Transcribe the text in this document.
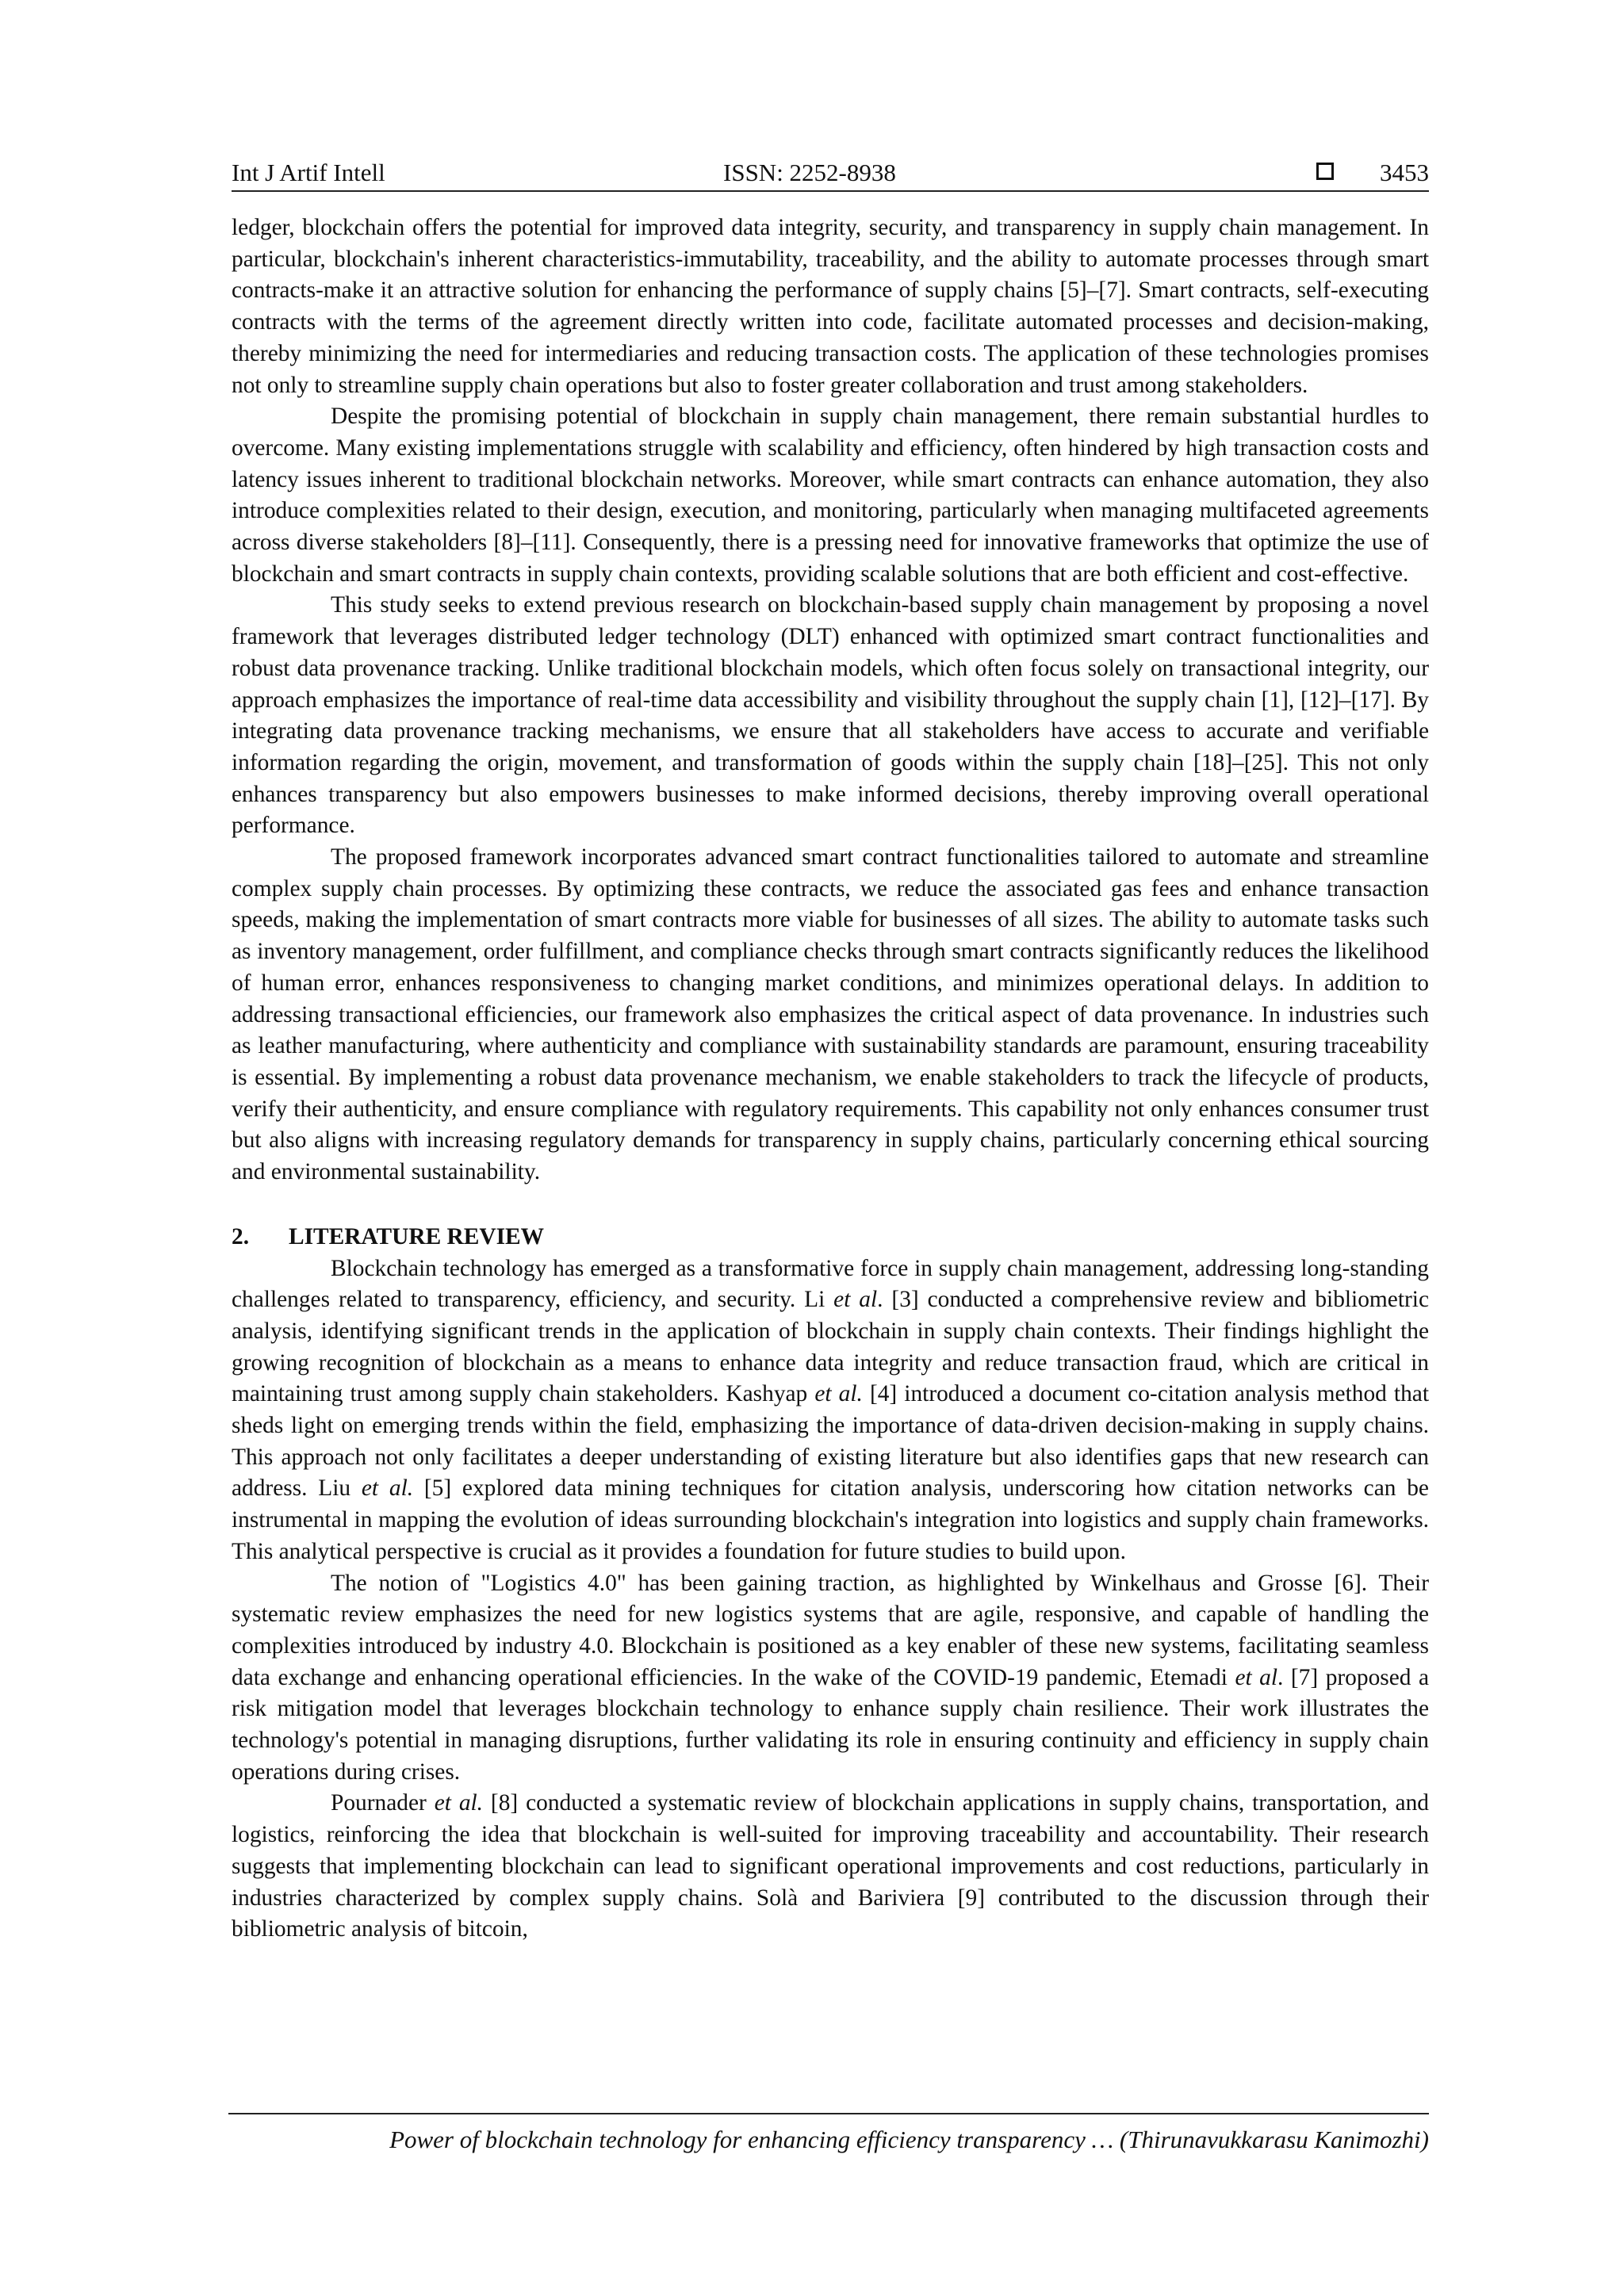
Int J Artif Intell	ISSN: 2252-8938	3453

ledger, blockchain offers the potential for improved data integrity, security, and transparency in supply chain management. In particular, blockchain's inherent characteristics-immutability, traceability, and the ability to automate processes through smart contracts-make it an attractive solution for enhancing the performance of supply chains [5]–[7]. Smart contracts, self-executing contracts with the terms of the agreement directly written into code, facilitate automated processes and decision-making, thereby minimizing the need for intermediaries and reducing transaction costs. The application of these technologies promises not only to streamline supply chain operations but also to foster greater collaboration and trust among stakeholders.

Despite the promising potential of blockchain in supply chain management, there remain substantial hurdles to overcome. Many existing implementations struggle with scalability and efficiency, often hindered by high transaction costs and latency issues inherent to traditional blockchain networks. Moreover, while smart contracts can enhance automation, they also introduce complexities related to their design, execution, and monitoring, particularly when managing multifaceted agreements across diverse stakeholders [8]–[11]. Consequently, there is a pressing need for innovative frameworks that optimize the use of blockchain and smart contracts in supply chain contexts, providing scalable solutions that are both efficient and cost-effective.

This study seeks to extend previous research on blockchain-based supply chain management by proposing a novel framework that leverages distributed ledger technology (DLT) enhanced with optimized smart contract functionalities and robust data provenance tracking. Unlike traditional blockchain models, which often focus solely on transactional integrity, our approach emphasizes the importance of real-time data accessibility and visibility throughout the supply chain [1], [12]–[17]. By integrating data provenance tracking mechanisms, we ensure that all stakeholders have access to accurate and verifiable information regarding the origin, movement, and transformation of goods within the supply chain [18]–[25]. This not only enhances transparency but also empowers businesses to make informed decisions, thereby improving overall operational performance.

The proposed framework incorporates advanced smart contract functionalities tailored to automate and streamline complex supply chain processes. By optimizing these contracts, we reduce the associated gas fees and enhance transaction speeds, making the implementation of smart contracts more viable for businesses of all sizes. The ability to automate tasks such as inventory management, order fulfillment, and compliance checks through smart contracts significantly reduces the likelihood of human error, enhances responsiveness to changing market conditions, and minimizes operational delays. In addition to addressing transactional efficiencies, our framework also emphasizes the critical aspect of data provenance. In industries such as leather manufacturing, where authenticity and compliance with sustainability standards are paramount, ensuring traceability is essential. By implementing a robust data provenance mechanism, we enable stakeholders to track the lifecycle of products, verify their authenticity, and ensure compliance with regulatory requirements. This capability not only enhances consumer trust but also aligns with increasing regulatory demands for transparency in supply chains, particularly concerning ethical sourcing and environmental sustainability.

2. LITERATURE REVIEW

Blockchain technology has emerged as a transformative force in supply chain management, addressing long-standing challenges related to transparency, efficiency, and security. Li et al. [3] conducted a comprehensive review and bibliometric analysis, identifying significant trends in the application of blockchain in supply chain contexts. Their findings highlight the growing recognition of blockchain as a means to enhance data integrity and reduce transaction fraud, which are critical in maintaining trust among supply chain stakeholders. Kashyap et al. [4] introduced a document co-citation analysis method that sheds light on emerging trends within the field, emphasizing the importance of data-driven decision-making in supply chains. This approach not only facilitates a deeper understanding of existing literature but also identifies gaps that new research can address. Liu et al. [5] explored data mining techniques for citation analysis, underscoring how citation networks can be instrumental in mapping the evolution of ideas surrounding blockchain's integration into logistics and supply chain frameworks. This analytical perspective is crucial as it provides a foundation for future studies to build upon.

The notion of "Logistics 4.0" has been gaining traction, as highlighted by Winkelhaus and Grosse [6]. Their systematic review emphasizes the need for new logistics systems that are agile, responsive, and capable of handling the complexities introduced by industry 4.0. Blockchain is positioned as a key enabler of these new systems, facilitating seamless data exchange and enhancing operational efficiencies. In the wake of the COVID-19 pandemic, Etemadi et al. [7] proposed a risk mitigation model that leverages blockchain technology to enhance supply chain resilience. Their work illustrates the technology's potential in managing disruptions, further validating its role in ensuring continuity and efficiency in supply chain operations during crises.

Pournader et al. [8] conducted a systematic review of blockchain applications in supply chains, transportation, and logistics, reinforcing the idea that blockchain is well-suited for improving traceability and accountability. Their research suggests that implementing blockchain can lead to significant operational improvements and cost reductions, particularly in industries characterized by complex supply chains. Solà and Bariviera [9] contributed to the discussion through their bibliometric analysis of bitcoin,

Power of blockchain technology for enhancing efficiency transparency … (Thirunavukkarasu Kanimozhi)
